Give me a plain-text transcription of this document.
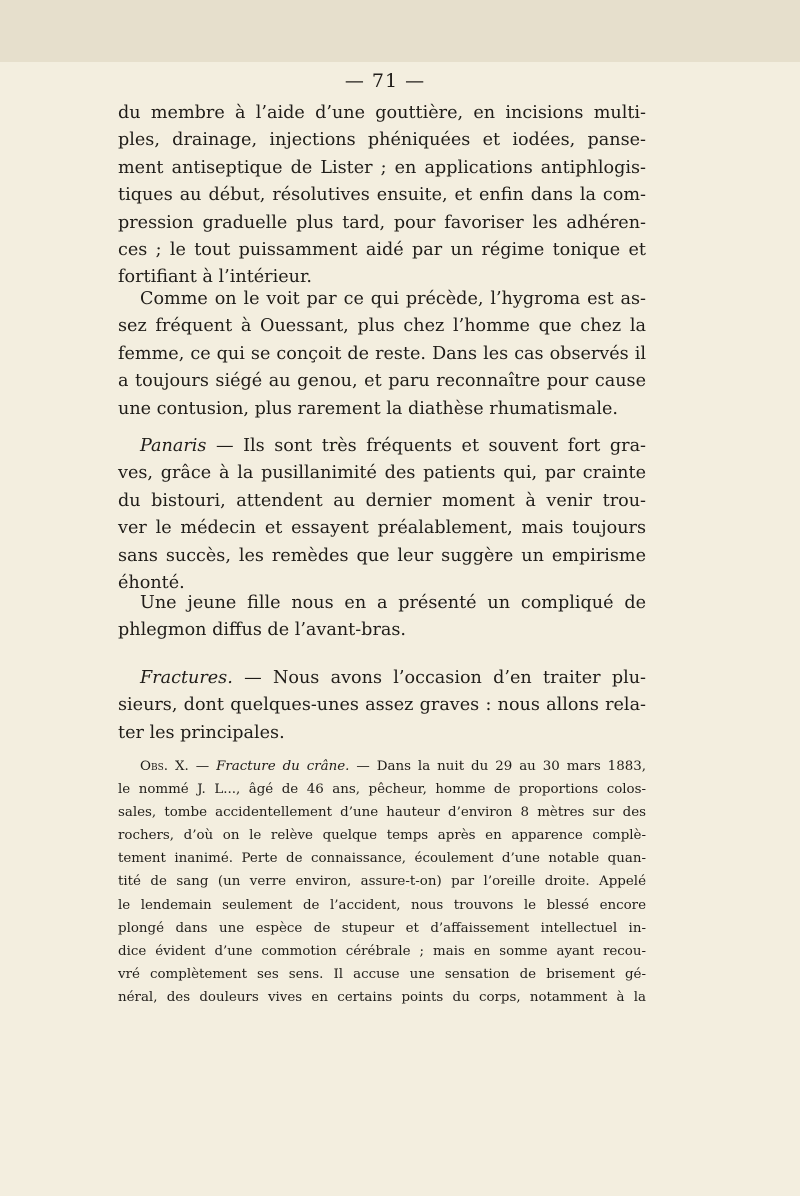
— 71 —
du membre à l’aide d’une gouttière, en incisions multi-
ples, drainage, injections phéniquées et iodées, panse-
ment antiseptique de Lister ; en applications antiphlogis-
tiques au début, résolutives ensuite, et enfin dans la com-
pression graduelle plus tard, pour favoriser les adhéren-
ces ; le tout puissamment aidé par un régime tonique et
fortifiant à l’intérieur.
Comme on le voit par ce qui précède, l’hygroma est as-
sez fréquent à Ouessant, plus chez l’homme que chez la
femme, ce qui se conçoit de reste. Dans les cas observés il
a toujours siégé au genou, et paru reconnaître pour cause
une contusion, plus rarement la diathèse rhumatismale.
Panaris — Ils sont très fréquents et souvent fort gra-
ves, grâce à la pusillanimité des patients qui, par crainte
du bistouri, attendent au dernier moment à venir trou-
ver le médecin et essayent préalablement, mais toujours
sans succès, les remèdes que leur suggère un empirisme
éhonté.
Une jeune fille nous en a présenté un compliqué de
phlegmon diffus de l’avant-bras.
Fractures. — Nous avons l’occasion d’en traiter plu-
sieurs, dont quelques-unes assez graves : nous allons rela-
ter les principales.
Obs. X. — Fracture du crâne. — Dans la nuit du 29 au 30 mars 1883,
le nommé J. L..., âgé de 46 ans, pêcheur, homme de proportions colos-
sales, tombe accidentellement d’une hauteur d’environ 8 mètres sur des
rochers, d’où on le relève quelque temps après en apparence complè-
tement inanimé. Perte de connaissance, écoulement d’une notable quan-
tité de sang (un verre environ, assure-t-on) par l’oreille droite. Appelé
le lendemain seulement de l’accident, nous trouvons le blessé encore
plongé dans une espèce de stupeur et d’affaissement intellectuel in-
dice évident d’une commotion cérébrale ; mais en somme ayant recou-
vré complètement ses sens. Il accuse une sensation de brisement gé-
néral, des douleurs vives en certains points du corps, notamment à la
